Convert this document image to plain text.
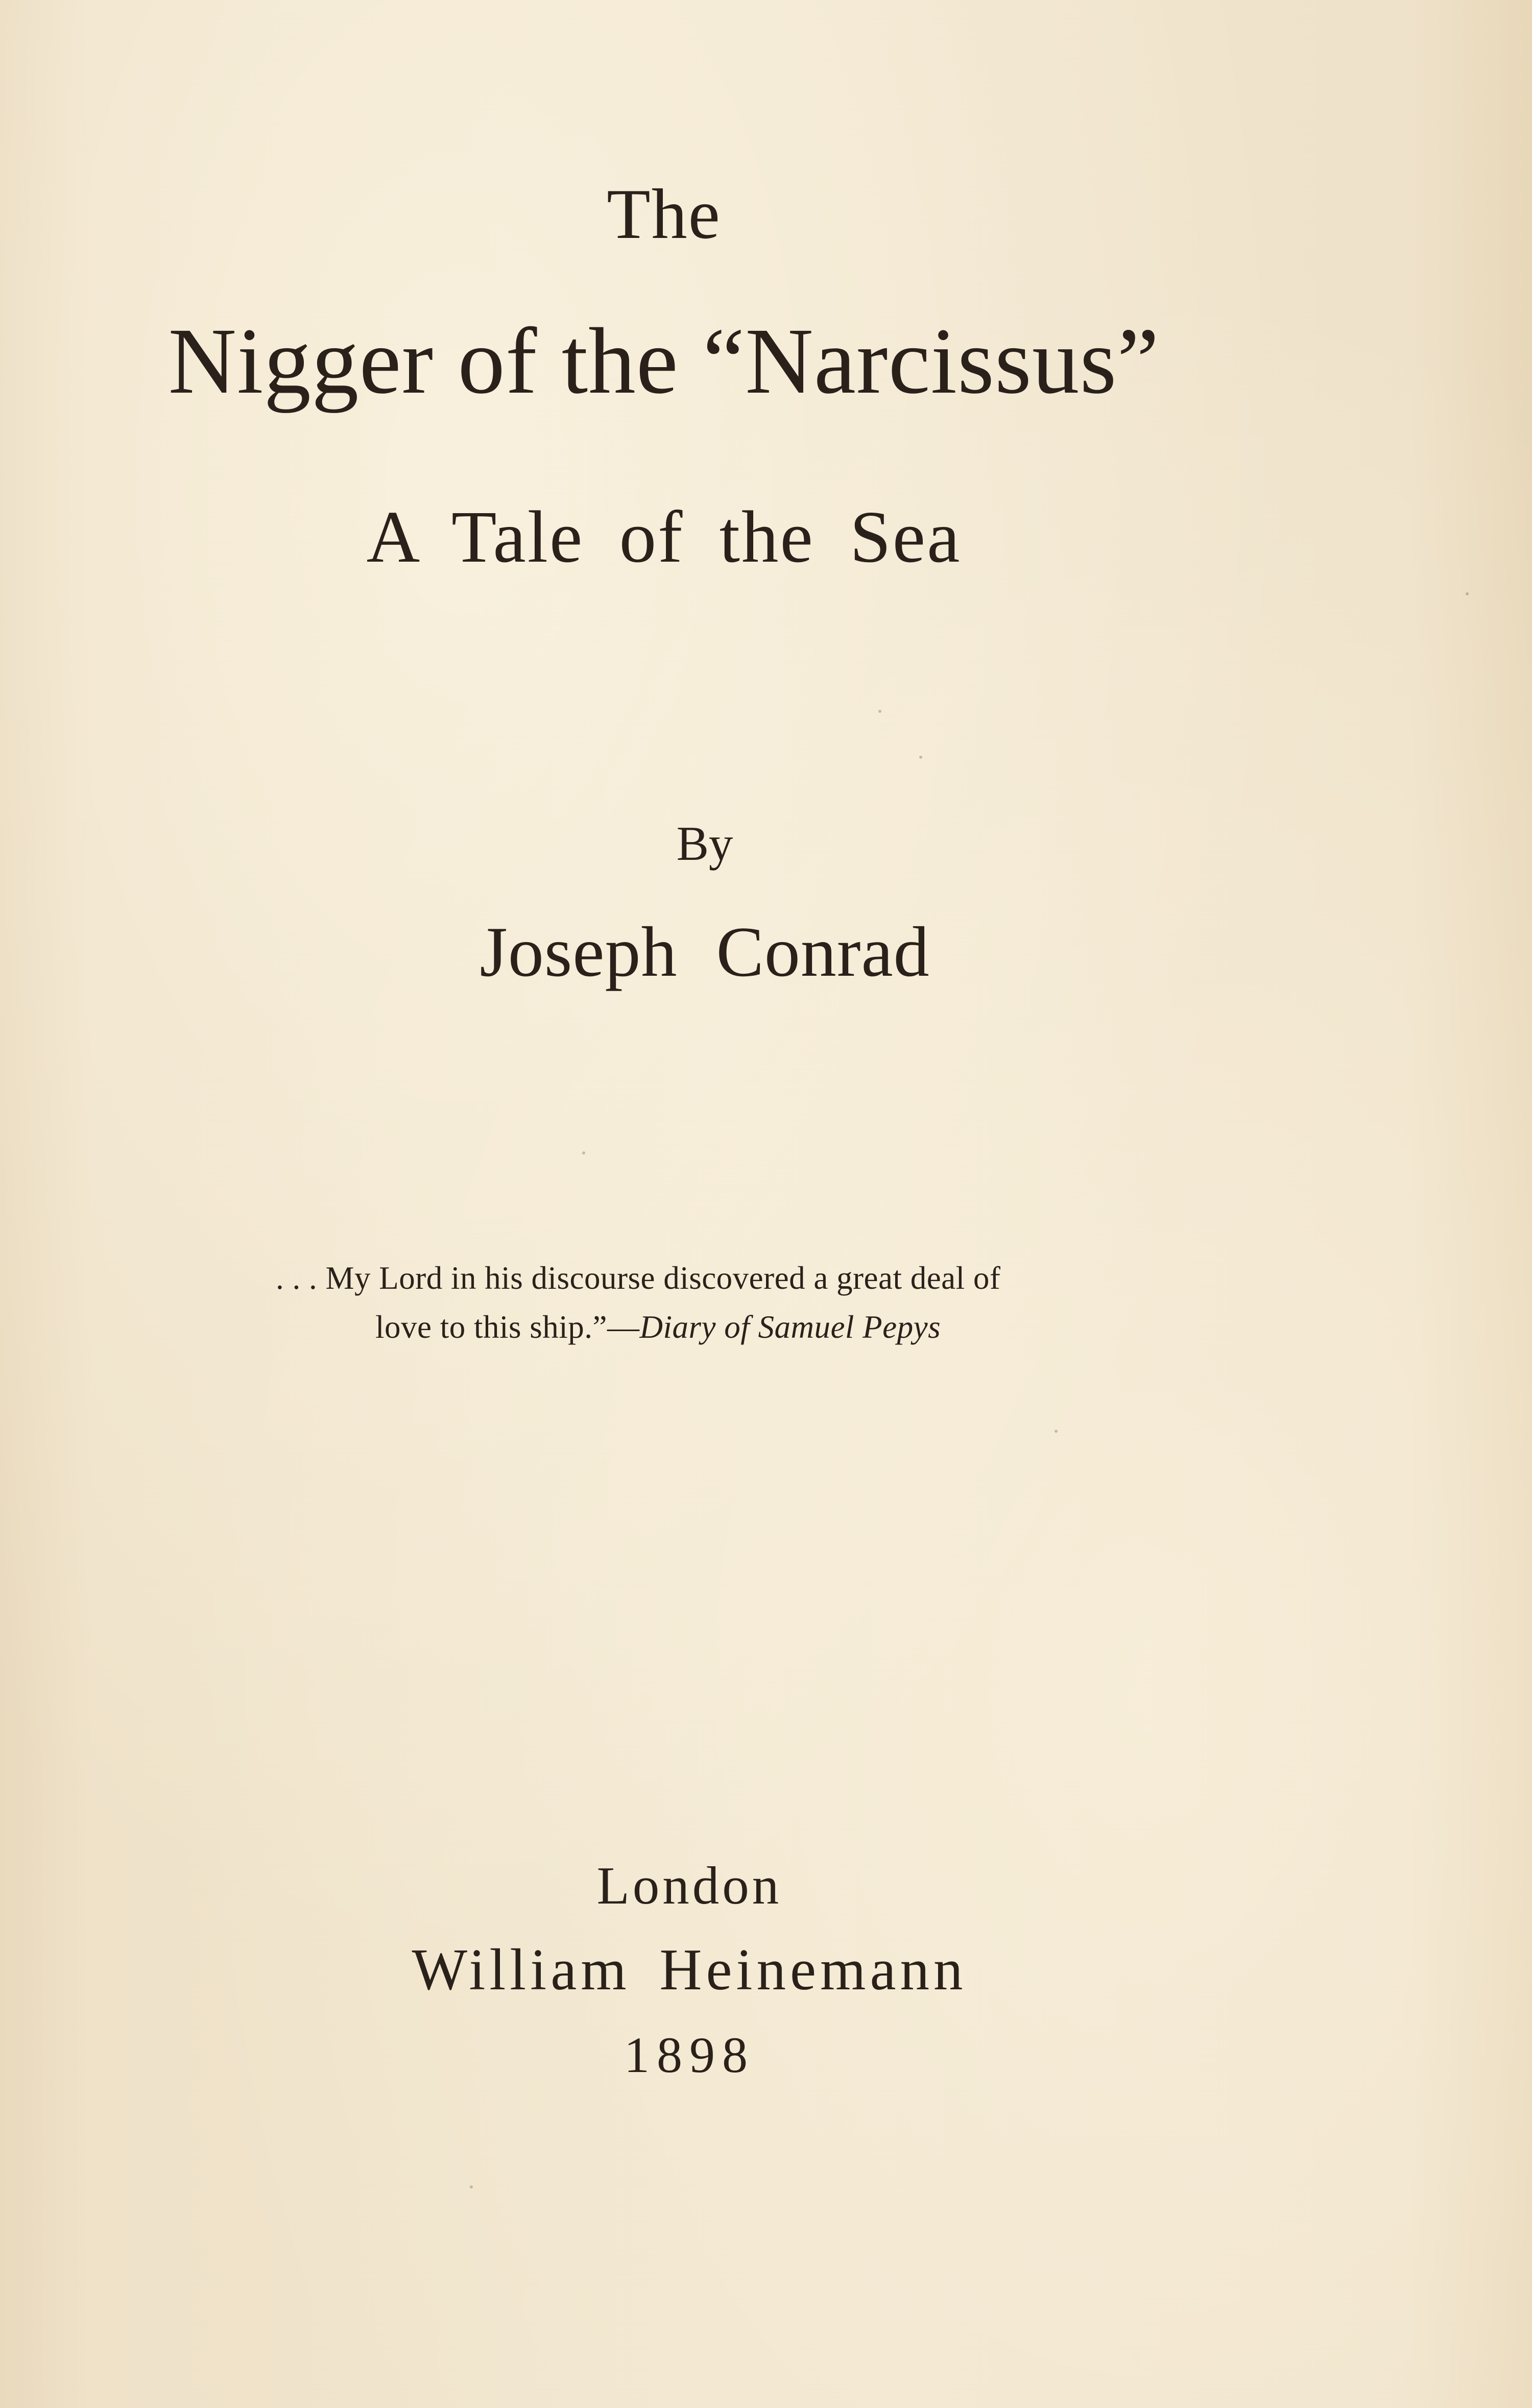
The
Nigger of the “Narcissus”
A Tale of the Sea
By
Joseph Conrad
. . . My Lord in his discourse discovered a great deal of
love to this ship.”—Diary of Samuel Pepys
London
William Heinemann
1898
